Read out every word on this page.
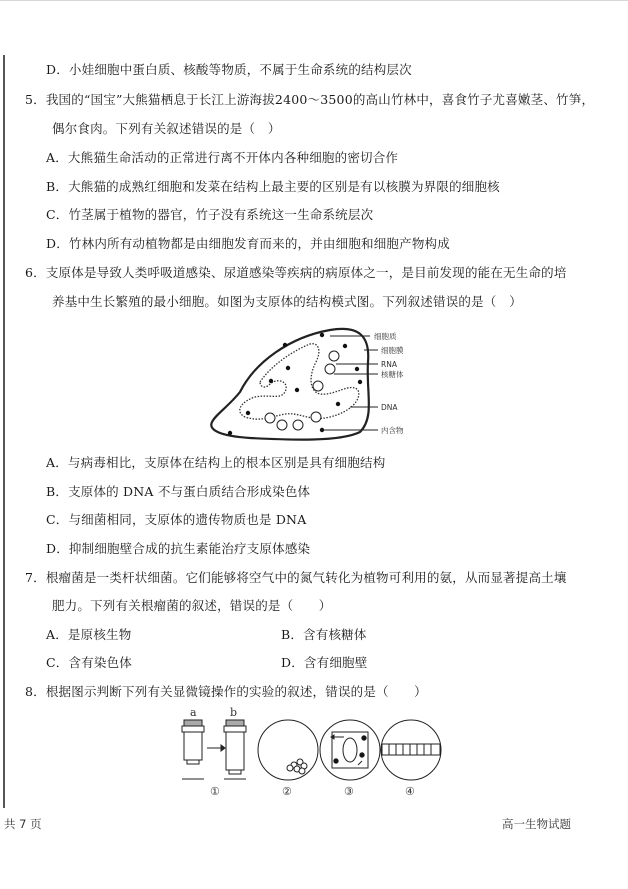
D．小娃细胞中蛋白质、核酸等物质，不属于生命系统的结构层次
5．我国的“国宝”大熊猫栖息于长江上游海拔2400～3500的高山竹林中，喜食竹子尤喜嫩茎、竹笋，
偶尔食肉。下列有关叙述错误的是（　）
A．大熊猫生命活动的正常进行离不开体内各种细胞的密切合作
B．大熊猫的成熟红细胞和发菜在结构上最主要的区别是有以核膜为界限的细胞核
C．竹茎属于植物的器官，竹子没有系统这一生命系统层次
D．竹林内所有动植物都是由细胞发育而来的，并由细胞和细胞产物构成
6．支原体是导致人类呼吸道感染、尿道感染等疾病的病原体之一，是目前发现的能在无生命的培
养基中生长繁殖的最小细胞。如图为支原体的结构模式图。下列叙述错误的是（　）
细胞质
细胞膜
RNA
核糖体
DNA
内含物
A．与病毒相比，支原体在结构上的根本区别是具有细胞结构
B．支原体的 DNA 不与蛋白质结合形成染色体
C．与细菌相同，支原体的遗传物质也是 DNA
D．抑制细胞壁合成的抗生素能治疗支原体感染
7．根瘤菌是一类杆状细菌。它们能够将空气中的氮气转化为植物可利用的氨，从而显著提高土壤
肥力。下列有关根瘤菌的叙述，错误的是（　　）
A．是原核生物	B．含有核糖体
C．含有染色体	D．含有细胞壁
8．根据图示判断下列有关显微镜操作的实验的叙述，错误的是（　　）
a	b
①	②	③	④
共 7 页	高一生物试题
